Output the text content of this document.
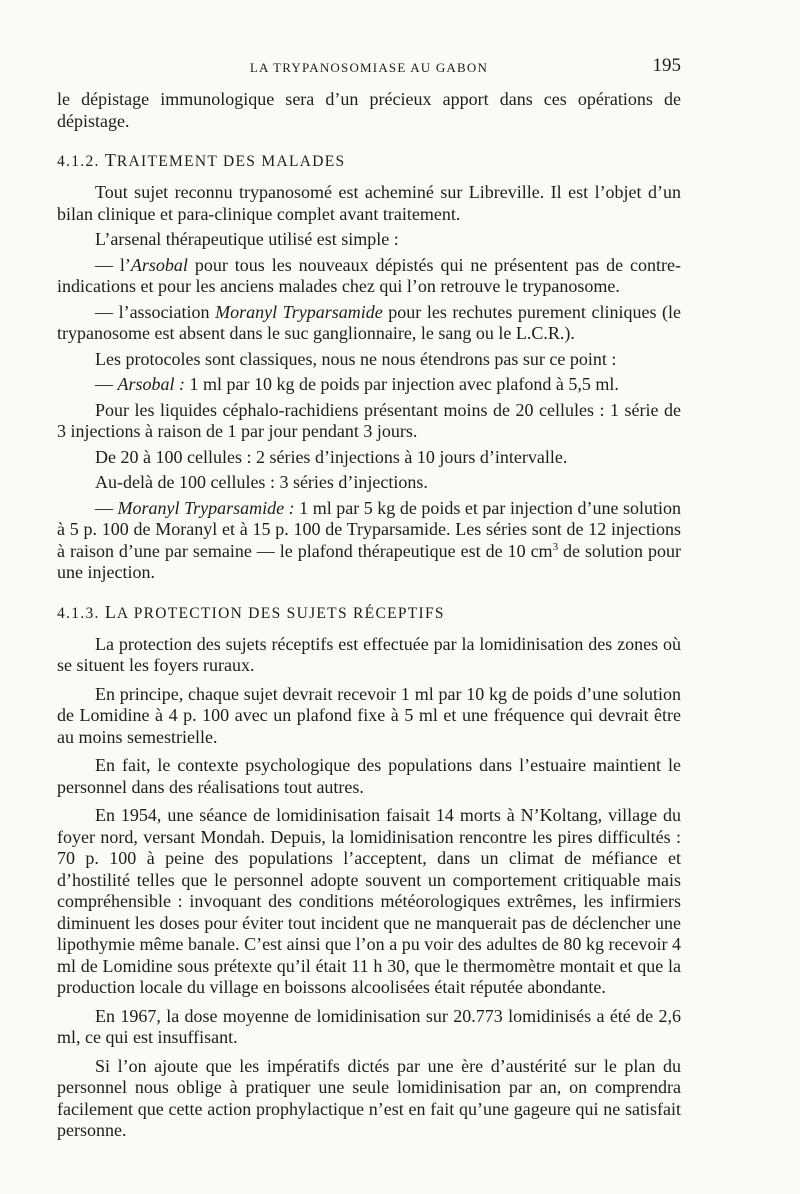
LA TRYPANOSOMIASE AU GABON	195

le dépistage immunologique sera d’un précieux apport dans ces opérations de dépistage.

4.1.2. TRAITEMENT DES MALADES

Tout sujet reconnu trypanosomé est acheminé sur Libreville. Il est l’objet d’un bilan clinique et para-clinique complet avant traitement.

L’arsenal thérapeutique utilisé est simple :

— l’Arsobal pour tous les nouveaux dépistés qui ne présentent pas de contre-indications et pour les anciens malades chez qui l’on retrouve le trypanosome.

— l’association Moranyl Tryparsamide pour les rechutes purement cliniques (le trypanosome est absent dans le suc ganglionnaire, le sang ou le L.C.R.).

Les protocoles sont classiques, nous ne nous étendrons pas sur ce point :

— Arsobal : 1 ml par 10 kg de poids par injection avec plafond à 5,5 ml.

Pour les liquides céphalo-rachidiens présentant moins de 20 cellules : 1 série de 3 injections à raison de 1 par jour pendant 3 jours.

De 20 à 100 cellules : 2 séries d’injections à 10 jours d’intervalle.

Au-delà de 100 cellules : 3 séries d’injections.

— Moranyl Tryparsamide : 1 ml par 5 kg de poids et par injection d’une solution à 5 p. 100 de Moranyl et à 15 p. 100 de Tryparsamide. Les séries sont de 12 injections à raison d’une par semaine — le plafond thérapeutique est de 10 $cm^3$ de solution pour une injection.

4.1.3. LA PROTECTION DES SUJETS RÉCEPTIFS

La protection des sujets réceptifs est effectuée par la lomidinisation des zones où se situent les foyers ruraux.

En principe, chaque sujet devrait recevoir 1 ml par 10 kg de poids d’une solution de Lomidine à 4 p. 100 avec un plafond fixe à 5 ml et une fréquence qui devrait être au moins semestrielle.

En fait, le contexte psychologique des populations dans l’estuaire maintient le personnel dans des réalisations tout autres.

En 1954, une séance de lomidinisation faisait 14 morts à N’Koltang, village du foyer nord, versant Mondah. Depuis, la lomidinisation rencontre les pires difficultés : 70 p. 100 à peine des populations l’acceptent, dans un climat de méfiance et d’hostilité telles que le personnel adopte souvent un comportement critiquable mais compréhensible : invoquant des conditions météorologiques extrêmes, les infirmiers diminuent les doses pour éviter tout incident que ne manquerait pas de déclencher une lipothymie même banale. C’est ainsi que l’on a pu voir des adultes de 80 kg recevoir 4 ml de Lomidine sous prétexte qu’il était 11 h 30, que le thermomètre montait et que la production locale du village en boissons alcoolisées était réputée abondante.

En 1967, la dose moyenne de lomidinisation sur 20.773 lomidinisés a été de 2,6 ml, ce qui est insuffisant.

Si l’on ajoute que les impératifs dictés par une ère d’austérité sur le plan du personnel nous oblige à pratiquer une seule lomidinisation par an, on comprendra facilement que cette action prophylactique n’est en fait qu’une gageure qui ne satisfait personne.
